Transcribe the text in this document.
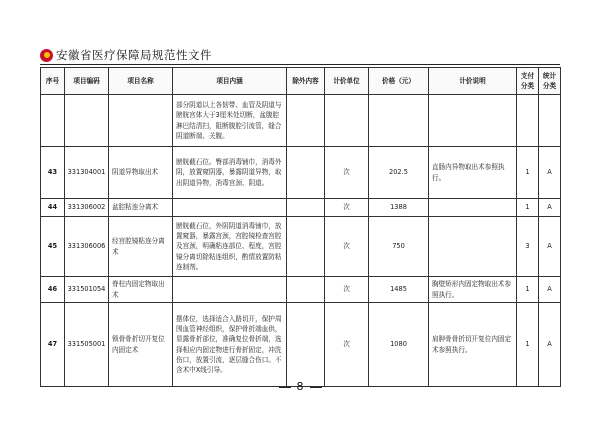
安徽省医疗保障局规范性文件
序号	项目编码	项目名称	项目内涵	除外内容	计价单位	价格（元）	计价说明	支付分类	统计分类
			部分阴道以上各韧带、血管及阴道与膀胱宫体大于3厘米处切断，盆腹腔淋巴结清扫，阻断腹腔引流管，缝合阴道断端、关腹。						
43	331304001	阴道异物取出术	膀胱截石位。臀部消毒铺巾，消毒外阴，放置窥阴器，暴露阴道异物，取出阴道异物，消毒宫颈、阴道。		次	202.5	直肠内异物取出术参照执行。	1	A
44	331306002	盆腔粘连分离术			次	1388		1	A
45	331306006	经宫腔镜粘连分离术	膀胱截石位，外阴阴道消毒铺巾，放置窥器，暴露宫颈，宫腔镜检查宫腔及宫颈，明确粘连部位、程度，宫腔镜分离切除粘连组织，酌情放置防粘连制剂。		次	750		3	A
46	331501054	脊柱内固定物取出术			次	1485	胸壁矫形内固定物取出术参照执行。	1	A
47	331505001	锁骨骨折切开复位内固定术	摆体位，选择适合入路切开，保护周围血管神经组织，保护骨折端血供，显露骨折部位，准确复位骨折端，选择相应内固定物进行骨折固定，冲洗伤口，放置引流，逐层缝合伤口。不含术中X线引导。		次	1080	肩胛骨骨折切开复位内固定术参照执行。	1	A
8
